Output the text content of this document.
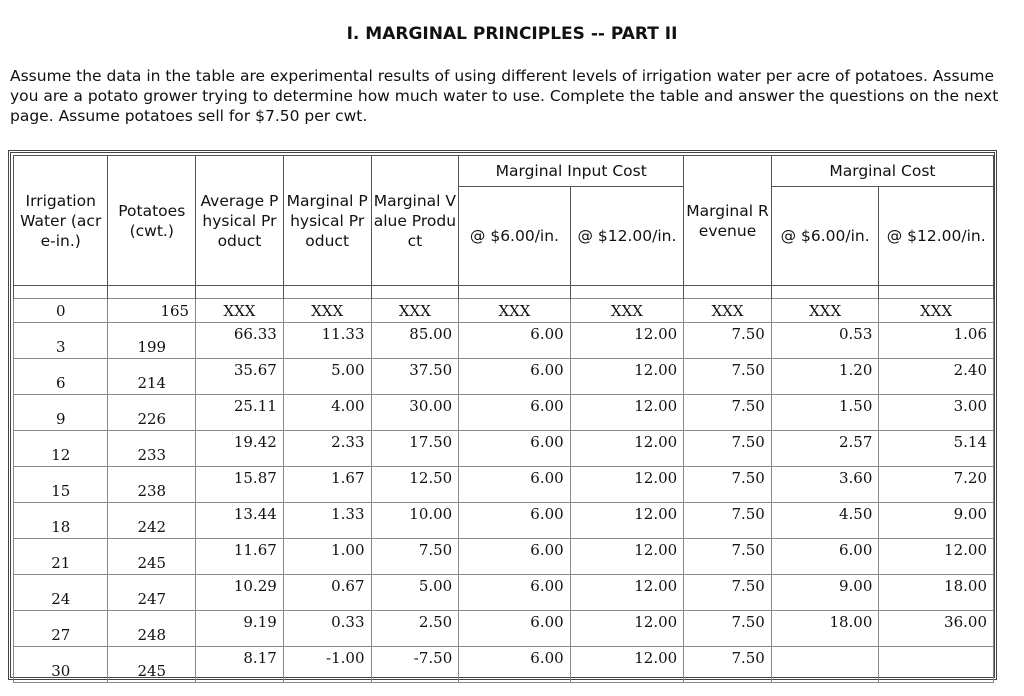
I. MARGINAL PRINCIPLES -- PART II
Assume the data in the table are experimental results of using different levels of irrigation water per acre of potatoes. Assume you are a potato grower trying to determine how much water to use. Complete the table and answer the questions on the next page. Assume potatoes sell for $7.50 per cwt.
Irrigation Water (acre-in.)	Potatoes (cwt.)	Average Physical Product	Marginal Physical Product	Marginal Value Product	Marginal Input Cost		Marginal Revenue	Marginal Cost	
					@ $6.00/in.	@ $12.00/in.		@ $6.00/in.	@ $12.00/in.

0	165	XXX	XXX	XXX	XXX	XXX	XXX	XXX	XXX
3	199	66.33	11.33	85.00	6.00	12.00	7.50	0.53	1.06
6	214	35.67	5.00	37.50	6.00	12.00	7.50	1.20	2.40
9	226	25.11	4.00	30.00	6.00	12.00	7.50	1.50	3.00
12	233	19.42	2.33	17.50	6.00	12.00	7.50	2.57	5.14
15	238	15.87	1.67	12.50	6.00	12.00	7.50	3.60	7.20
18	242	13.44	1.33	10.00	6.00	12.00	7.50	4.50	9.00
21	245	11.67	1.00	7.50	6.00	12.00	7.50	6.00	12.00
24	247	10.29	0.67	5.00	6.00	12.00	7.50	9.00	18.00
27	248	9.19	0.33	2.50	6.00	12.00	7.50	18.00	36.00
30	245	8.17	-1.00	-7.50	6.00	12.00	7.50		
